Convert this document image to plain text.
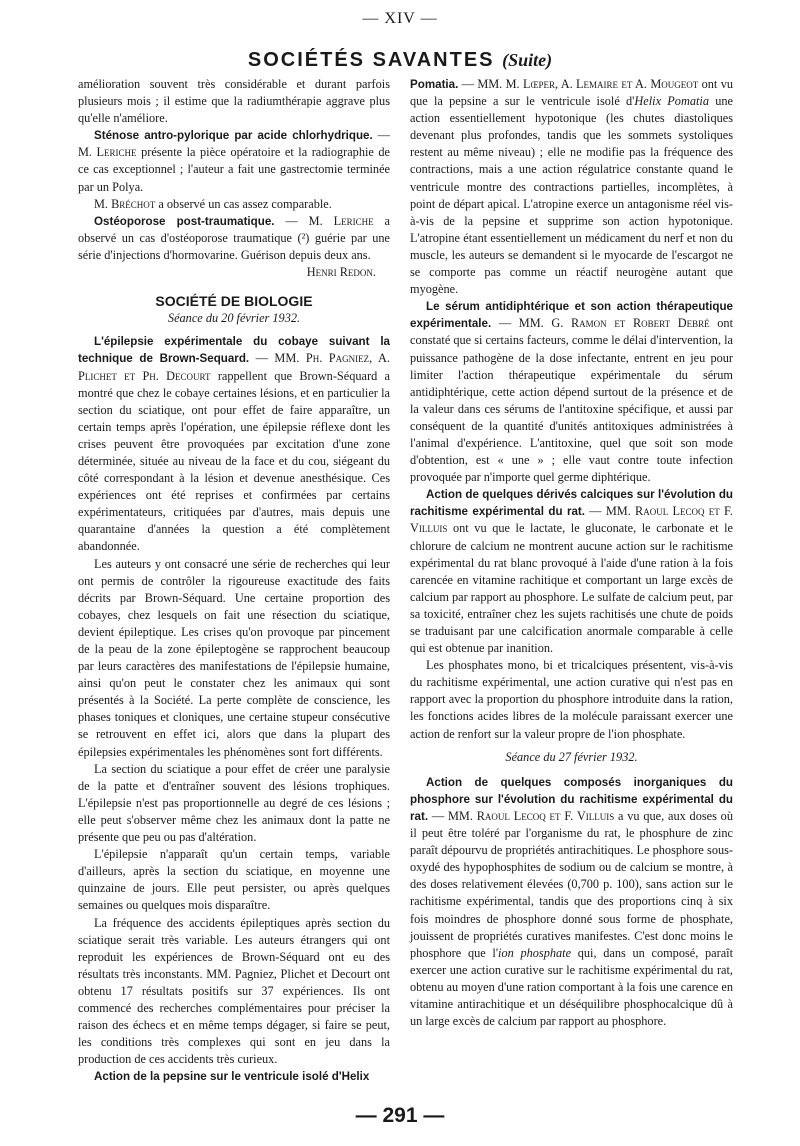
— XIV —
SOCIÉTÉS SAVANTES (Suite)

amélioration souvent très considérable et durant parfois plusieurs mois ; il estime que la radiumthérapie aggrave plus qu'elle n'améliore.

Sténose antro-pylorique par acide chlorhydrique. — M. Leriche présente la pièce opératoire et la radiographie de ce cas exceptionnel ; l'auteur a fait une gastrectomie terminée par un Polya.

M. Bréchot a observé un cas assez comparable.

Ostéoporose post-traumatique. — M. Leriche a observé un cas d'ostéoporose traumatique (²) guérie par une série d'injections d'hormovarine. Guérison depuis deux ans.

Henri Redon.

SOCIÉTÉ DE BIOLOGIE

Séance du 20 février 1932.

L'épilepsie expérimentale du cobaye suivant la technique de Brown-Sequard. — MM. Ph. Pagniez, A. Plichet et Ph. Decourt rappellent que Brown-Séquard a montré que chez le cobaye certaines lésions, et en particulier la section du sciatique, ont pour effet de faire apparaître, un certain temps après l'opération, une épilepsie réflexe dont les crises peuvent être provoquées par excitation d'une zone déterminée, située au niveau de la face et du cou, siégeant du côté correspondant à la lésion et devenue anesthésique. Ces expériences ont été reprises et confirmées par certains expérimentateurs, critiquées par d'autres, mais depuis une quarantaine d'années la question a été complètement abandonnée.

Les auteurs y ont consacré une série de recherches qui leur ont permis de contrôler la rigoureuse exactitude des faits décrits par Brown-Séquard. Une certaine proportion des cobayes, chez lesquels on fait une résection du sciatique, devient épileptique. Les crises qu'on provoque par pincement de la peau de la zone épileptogène se rapprochent beaucoup par leurs caractères des manifestations de l'épilepsie humaine, ainsi qu'on peut le constater chez les animaux qui sont présentés à la Société. La perte complète de conscience, les phases toniques et cloniques, une certaine stupeur consécutive se retrouvent en effet ici, alors que dans la plupart des épilepsies expérimentales les phénomènes sont fort différents.

La section du sciatique a pour effet de créer une paralysie de la patte et d'entraîner souvent des lésions trophiques. L'épilepsie n'est pas proportionnelle au degré de ces lésions ; elle peut s'observer même chez les animaux dont la patte ne présente que peu ou pas d'altération.

L'épilepsie n'apparaît qu'un certain temps, variable d'ailleurs, après la section du sciatique, en moyenne une quinzaine de jours. Elle peut persister, ou après quelques semaines ou quelques mois disparaître.

La fréquence des accidents épileptiques après section du sciatique serait très variable. Les auteurs étrangers qui ont reproduit les expériences de Brown-Séquard ont eu des résultats très inconstants. MM. Pagniez, Plichet et Decourt ont obtenu 17 résultats positifs sur 37 expériences. Ils ont commencé des recherches complémentaires pour préciser la raison des échecs et en même temps dégager, si faire se peut, les conditions très complexes qui sont en jeu dans la production de ces accidents très curieux.

Action de la pepsine sur le ventricule isolé d'Helix

Pomatia. — MM. M. Lœper, A. Lemaire et A. Mougeot ont vu que la pepsine a sur le ventricule isolé d'Helix Pomatia une action essentiellement hypotonique (les chutes diastoliques devenant plus profondes, tandis que les sommets systoliques restent au même niveau) ; elle ne modifie pas la fréquence des contractions, mais a une action régulatrice constante quand le ventricule montre des contractions partielles, incomplètes, à point de départ apical. L'atropine exerce un antagonisme réel vis-à-vis de la pepsine et supprime son action hypotonique. L'atropine étant essentiellement un médicament du nerf et non du muscle, les auteurs se demandent si le myocarde de l'escargot ne se comporte pas comme un réactif neurogène autant que myogène.

Le sérum antidiphtérique et son action thérapeutique expérimentale. — MM. G. Ramon et Robert Debré ont constaté que si certains facteurs, comme le délai d'intervention, la puissance pathogène de la dose infectante, entrent en jeu pour limiter l'action thérapeutique expérimentale du sérum antidiphtérique, cette action dépend surtout de la présence et de la valeur dans ces sérums de l'antitoxine spécifique, et aussi par conséquent de la quantité d'unités antitoxiques administrées à l'animal d'expérience. L'antitoxine, quel que soit son mode d'obtention, est « une » ; elle vaut contre toute infection provoquée par n'importe quel germe diphtérique.

Action de quelques dérivés calciques sur l'évolution du rachitisme expérimental du rat. — MM. Raoul Lecoq et F. Villuis ont vu que le lactate, le gluconate, le carbonate et le chlorure de calcium ne montrent aucune action sur le rachitisme expérimental du rat blanc provoqué à l'aide d'une ration à la fois carencée en vitamine rachitique et comportant un large excès de calcium par rapport au phosphore. Le sulfate de calcium peut, par sa toxicité, entraîner chez les sujets rachitisés une chute de poids se traduisant par une calcification anormale comparable à celle qui est obtenue par inanition.

Les phosphates mono, bi et tricalciques présentent, vis-à-vis du rachitisme expérimental, une action curative qui n'est pas en rapport avec la proportion du phosphore introduite dans la ration, les fonctions acides libres de la molécule paraissant exercer une action de renfort sur la valeur propre de l'ion phosphate.

Séance du 27 février 1932.

Action de quelques composés inorganiques du phosphore sur l'évolution du rachitisme expérimental du rat. — MM. Raoul Lecoq et F. Villuis a vu que, aux doses où il peut être toléré par l'organisme du rat, le phosphure de zinc paraît dépourvu de propriétés antirachitiques. Le phosphore sous-oxydé des hypophosphites de sodium ou de calcium se montre, à des doses relativement élevées (0,700 p. 100), sans action sur le rachitisme expérimental, tandis que des proportions cinq à six fois moindres de phosphore donné sous forme de phosphate, jouissent de propriétés curatives manifestes. C'est donc moins le phosphore que l'ion phosphate qui, dans un composé, paraît exercer une action curative sur le rachitisme expérimental du rat, obtenu au moyen d'une ration comportant à la fois une carence en vitamine antirachitique et un déséquilibre phosphocalcique dû à un large excès de calcium par rapport au phosphore.

— 291 —
